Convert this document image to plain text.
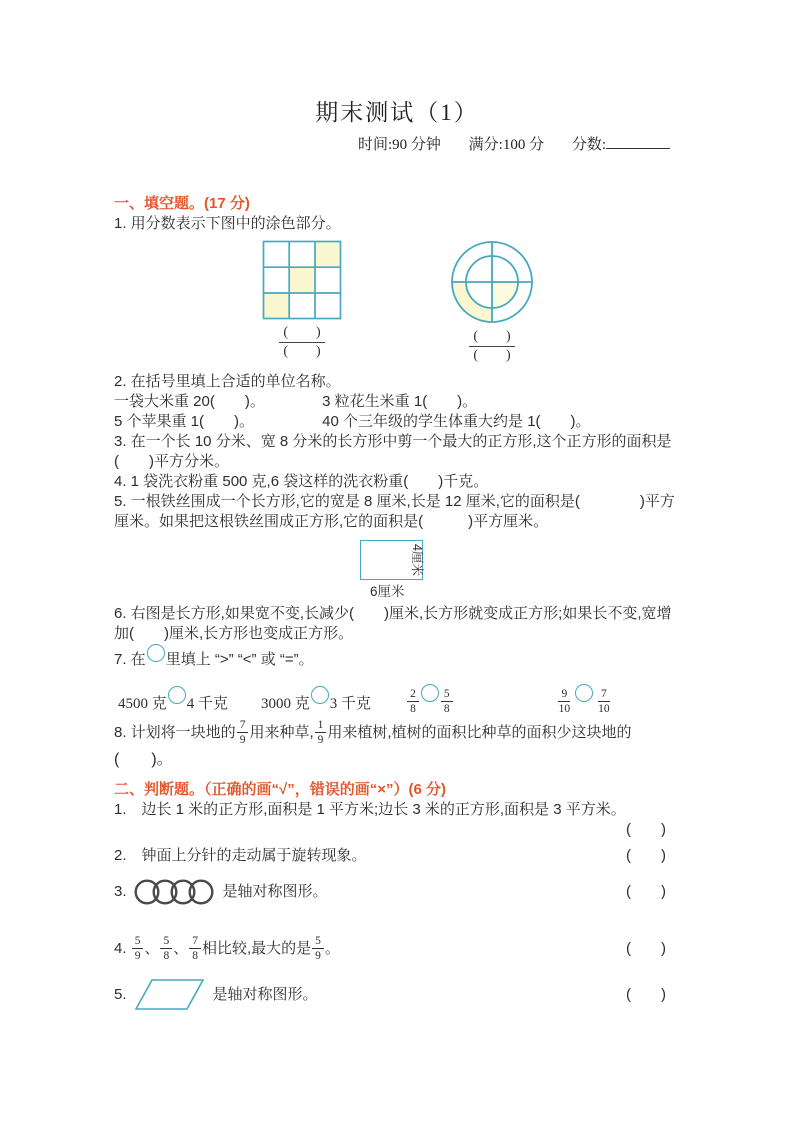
期末测试（1）
时间:90 分钟 满分:100 分 分数:
一、填空题。(17 分)

1. 用分数表示下图中的涂色部分。

(　　)
(　　)
(　　)
(　　)

2. 在括号里填上合适的单位名称。

一袋大米重 20(　　)。	3 粒花生米重 1(　　)。
5 个苹果重 1(　　)。	40 个三年级的学生体重大约是 1(　　)。

3. 在一个长 10 分米、宽 8 分米的长方形中剪一个最大的正方形,这个正方形的面积是(　　)平方分米。

4. 1 袋洗衣粉重 500 克,6 袋这样的洗衣粉重(　　)千克。

5. 一根铁丝围成一个长方形,它的宽是 8 厘米,长是 12 厘米,它的面积是(　　　　)平方厘米。如果把这根铁丝围成正方形,它的面积是(　　　)平方厘米。

4厘米
6厘米

6. 右图是长方形,如果宽不变,长减少(　　)厘米,长方形就变成正方形;如果长不变,宽增加(　　)厘米,长方形也变成正方形。

7. 在 里填上 “>” “<” 或 “=”。

4500 克 4 千克 3000 克 3 千克	$\frac{2}{8} \frac{5}{8}$	$\frac{9}{10} \frac{7}{10}$

8. 计划将一块地的 $\frac{7}{9}$ 用来种草, $\frac{1}{9}$ 用来植树,植树的面积比种草的面积少这块地的

(　　)。

二、判断题。（正确的画“√”，错误的画“×”）(6 分)

1.　边长 1 米的正方形,面积是 1 平方米;边长 3 米的正方形,面积是 3 平方米。

(　　)
2.　钟面上分针的走动属于旋转现象。	(　　)
3.	是轴对称图形。	(　　)
4. $\frac{5}{9}$ 、 $\frac{5}{8}$ 、 $\frac{7}{8}$ 相比较,最大的是 $\frac{5}{9}$ 。	(　　)
5.	是轴对称图形。	(　　)
